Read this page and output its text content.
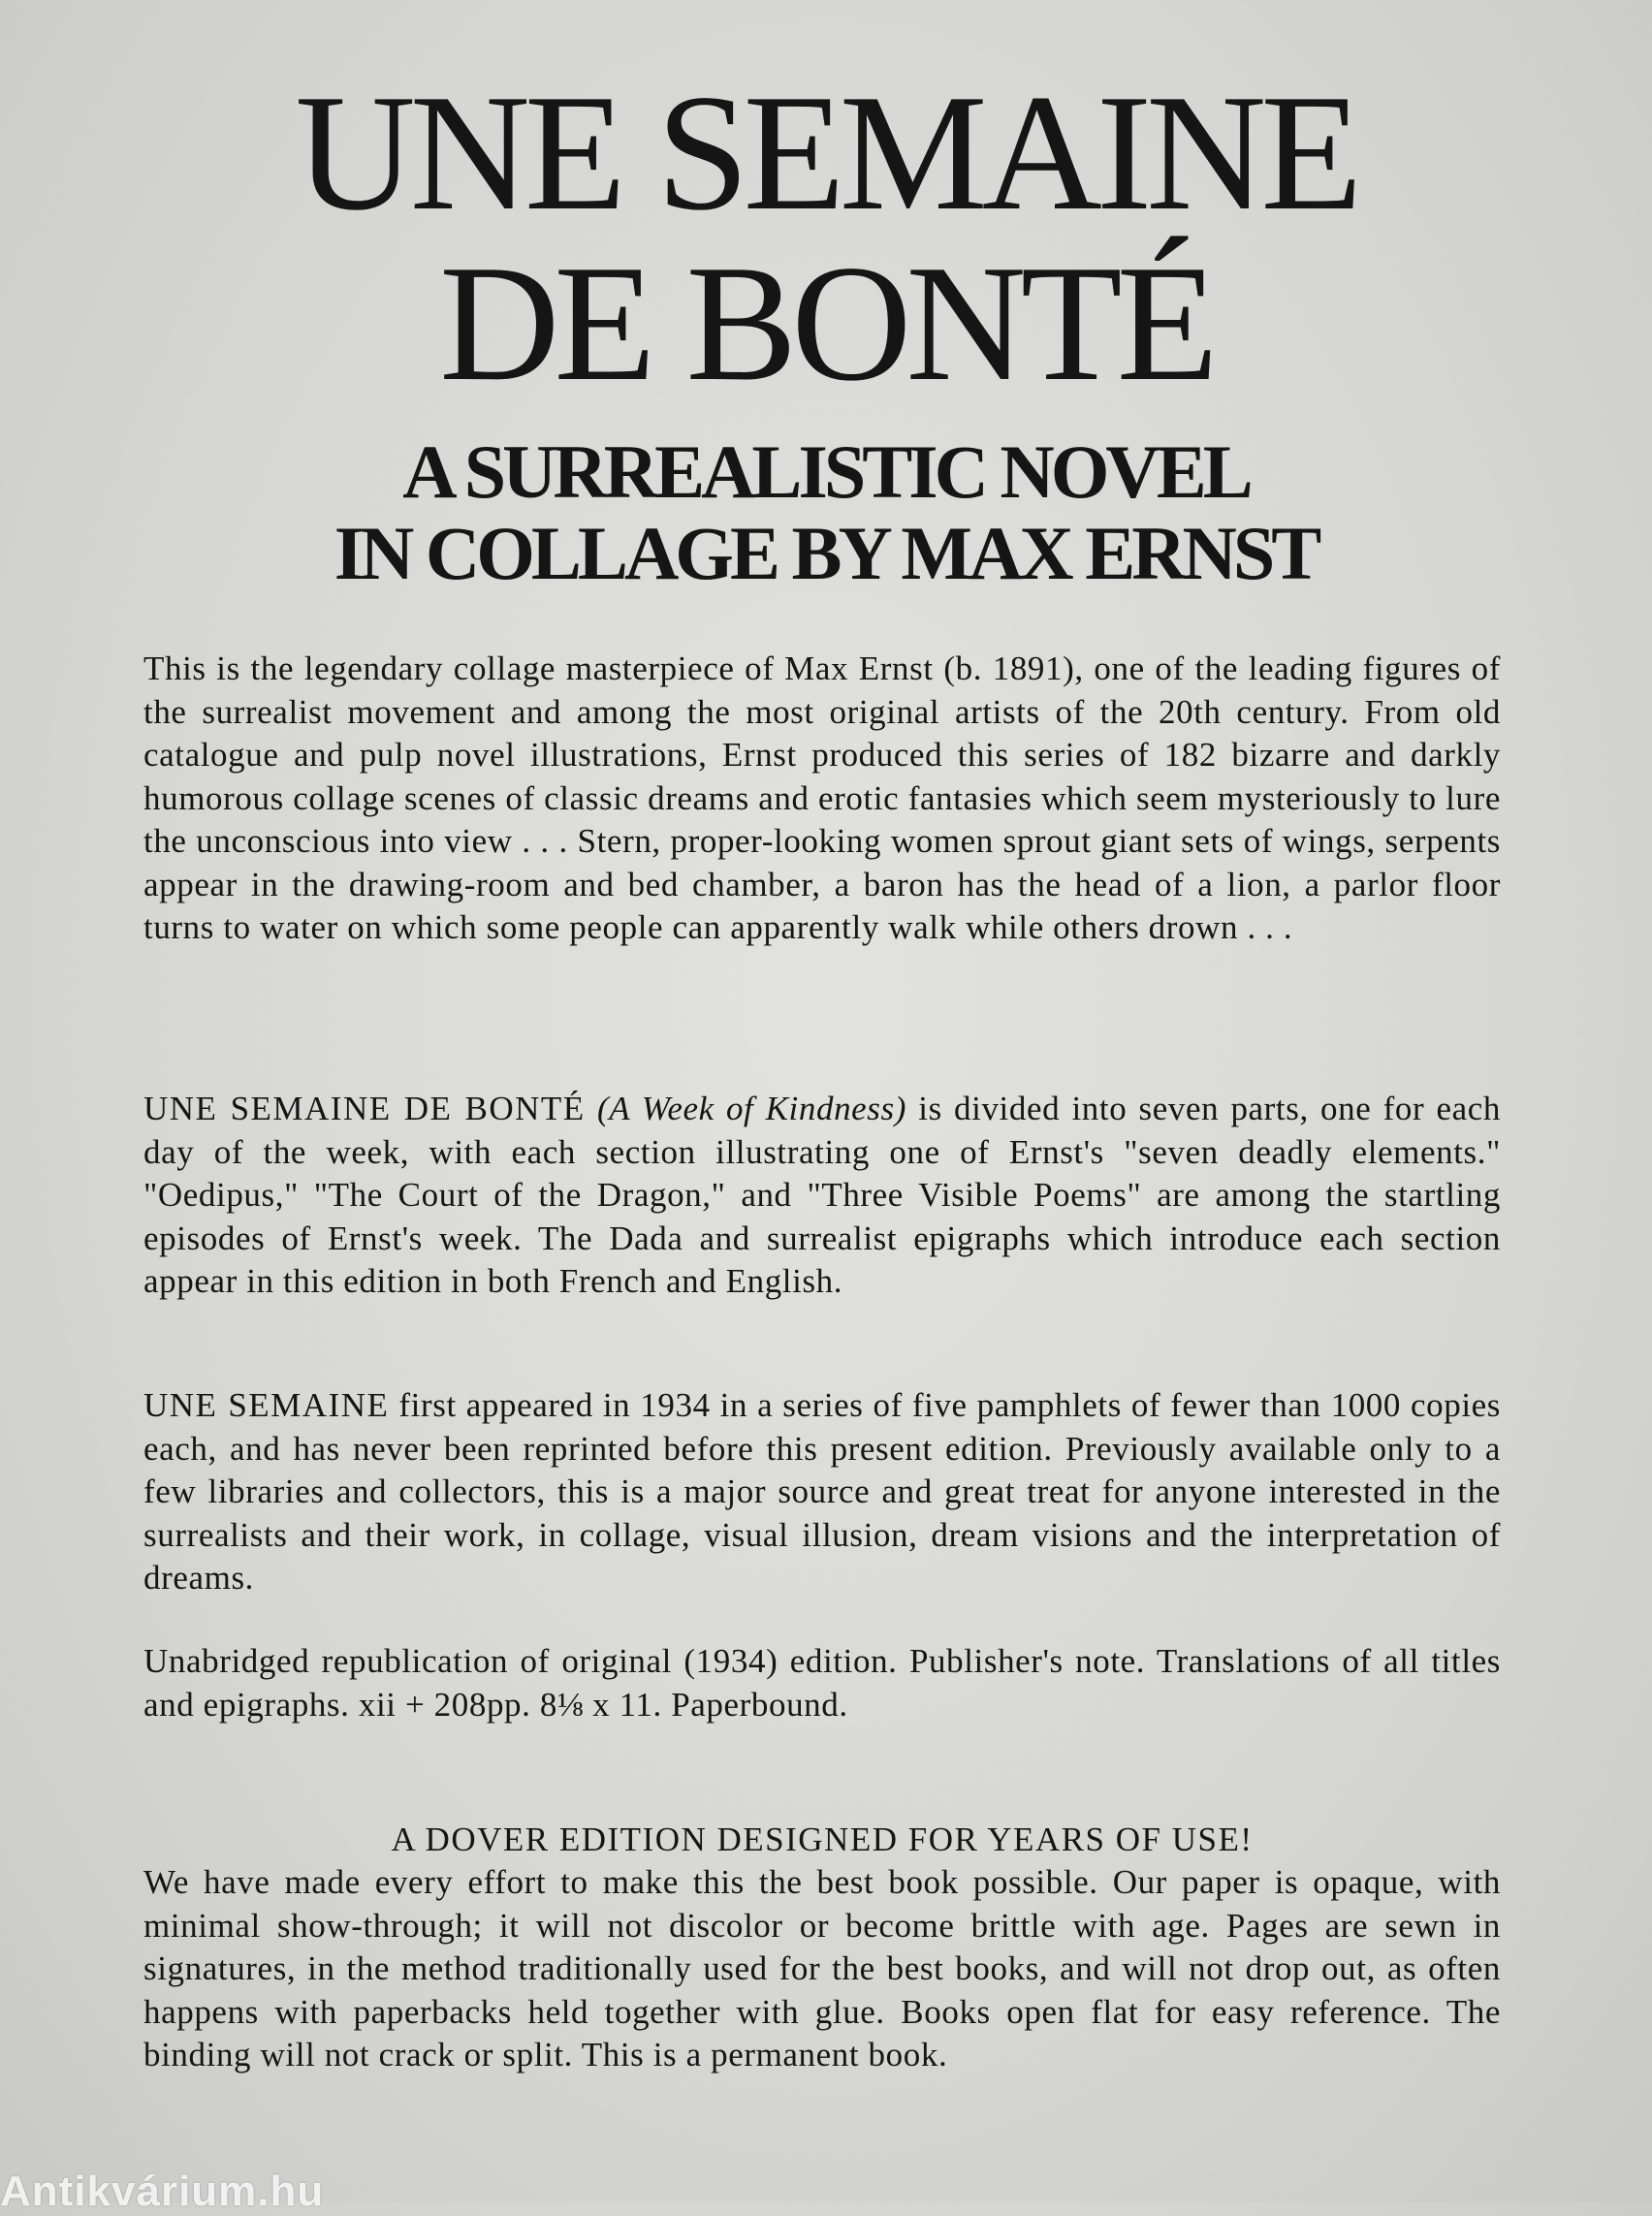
UNE SEMAINE
DE BONTÉ
A SURREALISTIC NOVEL
IN COLLAGE BY MAX ERNST

This is the legendary collage masterpiece of Max Ernst (b. 1891), one of the leading figures of the surrealist movement and among the most original artists of the 20th century. From old catalogue and pulp novel illustrations, Ernst produced this series of 182 bizarre and darkly humorous collage scenes of classic dreams and erotic fantasies which seem mysteriously to lure the unconscious into view . . . Stern, proper-looking women sprout giant sets of wings, serpents appear in the drawing-room and bed chamber, a baron has the head of a lion, a parlor floor turns to water on which some people can apparently walk while others drown . . .

UNE SEMAINE DE BONTÉ (A Week of Kindness) is divided into seven parts, one for each day of the week, with each section illustrating one of Ernst's "seven deadly elements." "Oedipus," "The Court of the Dragon," and "Three Visible Poems" are among the startling episodes of Ernst's week. The Dada and surrealist epigraphs which introduce each section appear in this edition in both French and English.

UNE SEMAINE first appeared in 1934 in a series of five pamphlets of fewer than 1000 copies each, and has never been reprinted before this present edition. Previously available only to a few libraries and collectors, this is a major source and great treat for anyone interested in the surrealists and their work, in collage, visual illusion, dream visions and the interpretation of dreams.

Unabridged republication of original (1934) edition. Publisher's note. Translations of all titles and epigraphs. xii + 208pp. 8⅛ x 11. Paperbound.

A DOVER EDITION DESIGNED FOR YEARS OF USE!

We have made every effort to make this the best book possible. Our paper is opaque, with minimal show-through; it will not discolor or become brittle with age. Pages are sewn in signatures, in the method traditionally used for the best books, and will not drop out, as often happens with paperbacks held together with glue. Books open flat for easy reference. The binding will not crack or split. This is a permanent book.

Antikvárium.hu
